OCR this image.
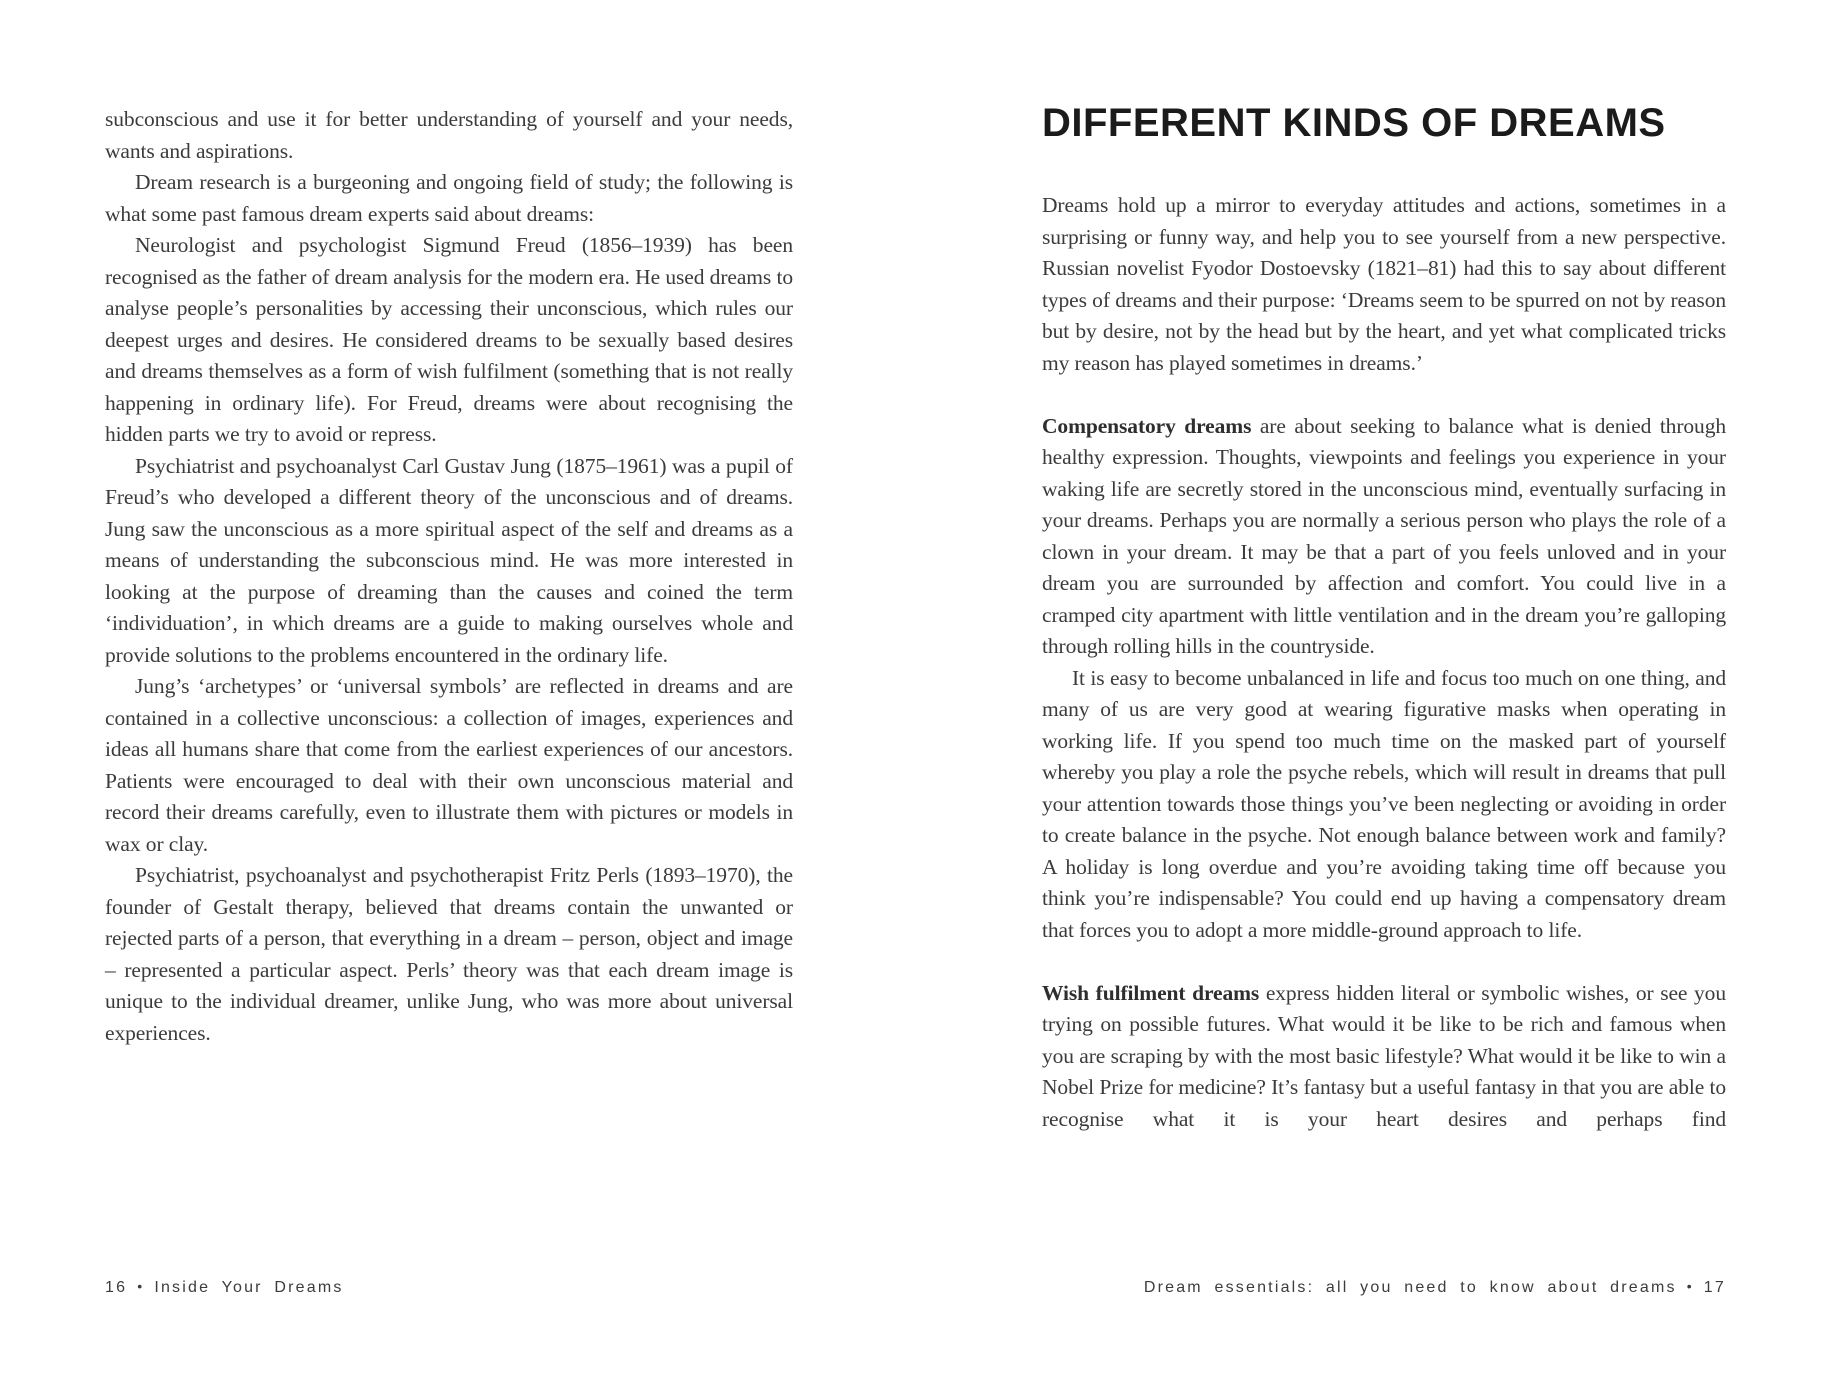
subconscious and use it for better understanding of yourself and your needs, wants and aspirations.

Dream research is a burgeoning and ongoing field of study; the following is what some past famous dream experts said about dreams:

Neurologist and psychologist Sigmund Freud (1856–1939) has been recognised as the father of dream analysis for the modern era. He used dreams to analyse people’s personalities by accessing their unconscious, which rules our deepest urges and desires. He considered dreams to be sexually based desires and dreams themselves as a form of wish fulfilment (something that is not really happening in ordinary life). For Freud, dreams were about recognising the hidden parts we try to avoid or repress.

Psychiatrist and psychoanalyst Carl Gustav Jung (1875–1961) was a pupil of Freud’s who developed a different theory of the unconscious and of dreams. Jung saw the unconscious as a more spiritual aspect of the self and dreams as a means of understanding the subconscious mind. He was more interested in looking at the purpose of dreaming than the causes and coined the term ‘individuation’, in which dreams are a guide to making ourselves whole and provide solutions to the problems encountered in the ordinary life.

Jung’s ‘archetypes’ or ‘universal symbols’ are reflected in dreams and are contained in a collective unconscious: a collection of images, experiences and ideas all humans share that come from the earliest experiences of our ancestors. Patients were encouraged to deal with their own unconscious material and record their dreams carefully, even to illustrate them with pictures or models in wax or clay.

Psychiatrist, psychoanalyst and psychotherapist Fritz Perls (1893–1970), the founder of Gestalt therapy, believed that dreams contain the unwanted or rejected parts of a person, that everything in a dream – person, object and image – represented a particular aspect. Perls’ theory was that each dream image is unique to the individual dreamer, unlike Jung, who was more about universal experiences.

16 • Inside Your Dreams
DIFFERENT KINDS OF DREAMS

Dreams hold up a mirror to everyday attitudes and actions, sometimes in a surprising or funny way, and help you to see yourself from a new perspective. Russian novelist Fyodor Dostoevsky (1821–81) had this to say about different types of dreams and their purpose: ‘Dreams seem to be spurred on not by reason but by desire, not by the head but by the heart, and yet what complicated tricks my reason has played sometimes in dreams.’

Compensatory dreams are about seeking to balance what is denied through healthy expression. Thoughts, viewpoints and feelings you experience in your waking life are secretly stored in the unconscious mind, eventually surfacing in your dreams. Perhaps you are normally a serious person who plays the role of a clown in your dream. It may be that a part of you feels unloved and in your dream you are surrounded by affection and comfort. You could live in a cramped city apartment with little ventilation and in the dream you’re galloping through rolling hills in the countryside.

It is easy to become unbalanced in life and focus too much on one thing, and many of us are very good at wearing figurative masks when operating in working life. If you spend too much time on the masked part of yourself whereby you play a role the psyche rebels, which will result in dreams that pull your attention towards those things you’ve been neglecting or avoiding in order to create balance in the psyche. Not enough balance between work and family? A holiday is long overdue and you’re avoiding taking time off because you think you’re indispensable? You could end up having a compensatory dream that forces you to adopt a more middle-ground approach to life.

Wish fulfilment dreams express hidden literal or symbolic wishes, or see you trying on possible futures. What would it be like to be rich and famous when you are scraping by with the most basic lifestyle? What would it be like to win a Nobel Prize for medicine? It’s fantasy but a useful fantasy in that you are able to recognise what it is your heart desires and perhaps find

Dream essentials: all you need to know about dreams • 17
